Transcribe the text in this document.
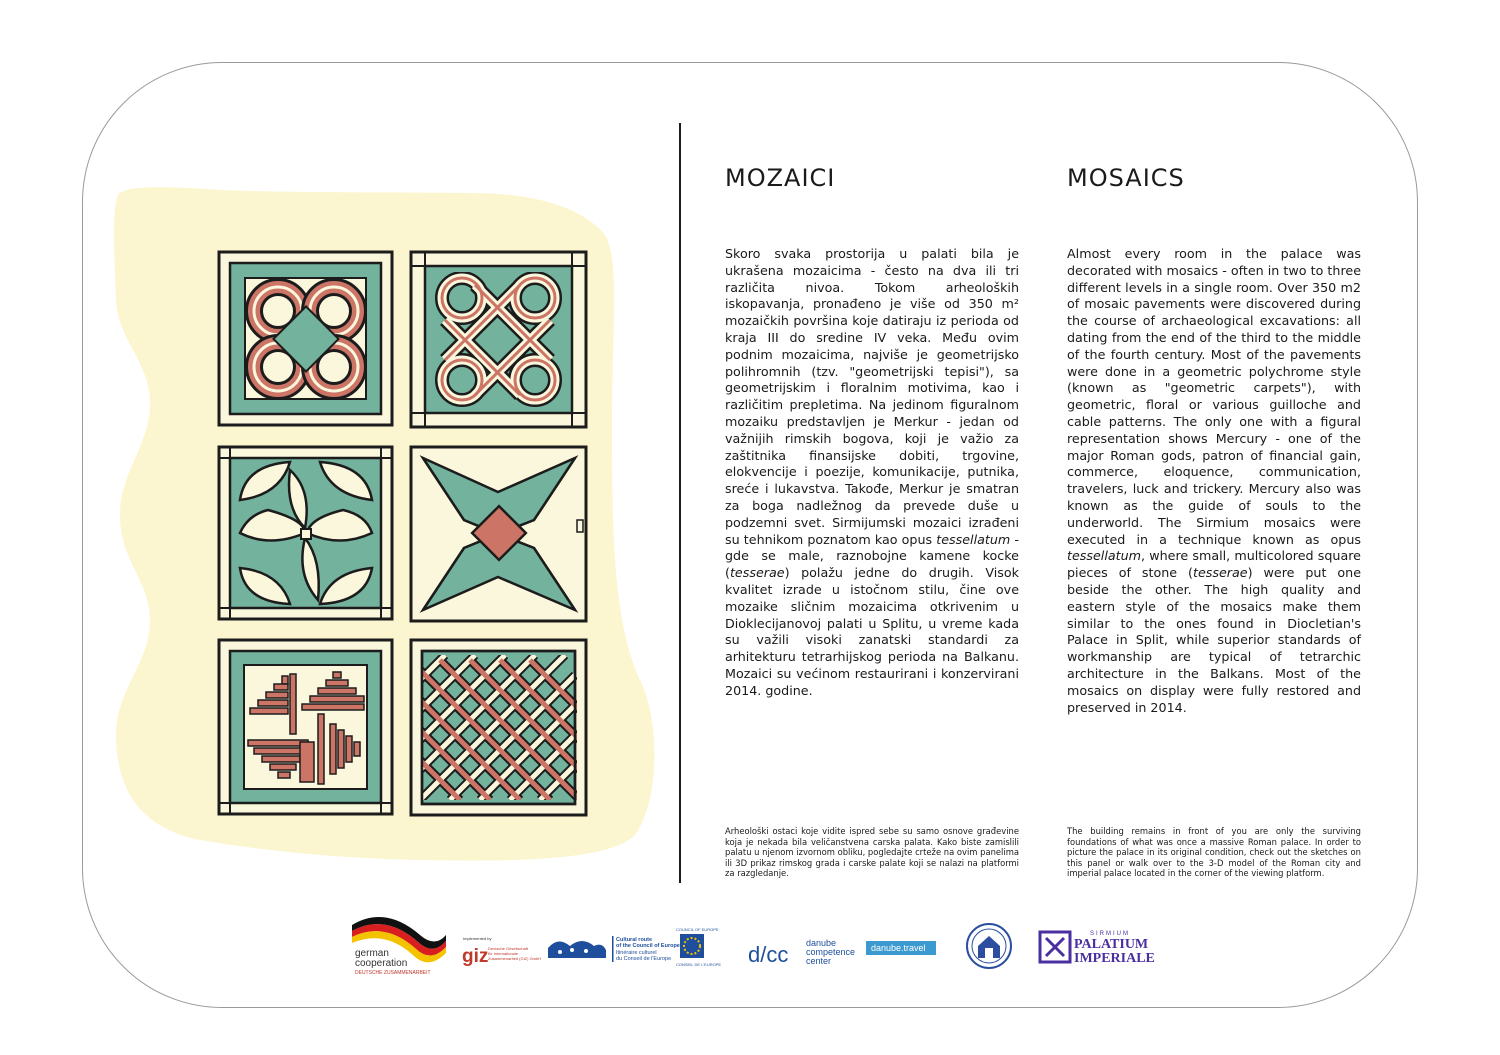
MOZAICI	MOSAICS

Skoro svaka prostorija u palati bila je ukrašena mozaicima - često na dva ili tri različita nivoa. Tokom arheoloških iskopavanja, pronađeno je više od 350 m² mozaičkih površina koje datiraju iz perioda od kraja III do sredine IV veka. Među ovim podnim mozaicima, najviše je geometrijsko polihromnih (tzv. "geometrijski tepisi"), sa geometrijskim i floralnim motivima, kao i različitim prepletima. Na jedinom figuralnom mozaiku predstavljen je Merkur - jedan od važnijih rimskih bogova, koji je važio za zaštitnika finansijske dobiti, trgovine, elokvencije i poezije, komunikacije, putnika, sreće i lukavstva. Takođe, Merkur je smatran za boga nadležnog da prevede duše u podzemni svet. Sirmijumski mozaici izrađeni su tehnikom poznatom kao opus tessellatum - gde se male, raznobojne kamene kocke (tesserae) polažu jedne do drugih. Visok kvalitet izrade u istočnom stilu, čine ove mozaike sličnim mozaicima otkrivenim u Dioklecijanovoj palati u Splitu, u vreme kada su važili visoki zanatski standardi za arhitekturu tetrarhijskog perioda na Balkanu. Mozaici su većinom restaurirani i konzervirani 2014. godine.

Almost every room in the palace was decorated with mosaics - often in two to three different levels in a single room. Over 350 m2 of mosaic pavements were discovered during the course of archaeological excavations: all dating from the end of the third to the middle of the fourth century. Most of the pavements were done in a geometric polychrome style (known as "geometric carpets"), with geometric, floral or various guilloche and cable patterns. The only one with a figural representation shows Mercury - one of the major Roman gods, patron of financial gain, commerce, eloquence, communication, travelers, luck and trickery. Mercury also was known as the guide of souls to the underworld. The Sirmium mosaics were executed in a technique known as opus tessellatum, where small, multicolored square pieces of stone (tesserae) were put one beside the other. The high quality and eastern style of the mosaics make them similar to the ones found in Diocletian's Palace in Split, while superior standards of workmanship are typical of tetrarchic architecture in the Balkans. Most of the mosaics on display were fully restored and preserved in 2014.

Arheološki ostaci koje vidite ispred sebe su samo osnove građevine koja je nekada bila veličanstvena carska palata. Kako biste zamislili palatu u njenom izvornom obliku, pogledajte crteže na ovim panelima ili 3D prikaz rimskog grada i carske palate koji se nalazi na platformi za razgledanje.
The building remains in front of you are only the surviving foundations of what was once a massive Roman palace. In order to picture the palace in its original condition, check out the sketches on this panel or walk over to the 3-D model of the Roman city and imperial palace located in the corner of the viewing platform.
german
cooperation
DEUTSCHE ZUSAMMENARBEIT
Implemented by
giz Deutsche Gesellschaft
für Internationale
Zusammenarbeit (GIZ) GmbH
Cultural route
of the Council of Europe
Itinéraire culturel
du Conseil de l'Europe
COUNCIL OF EUROPE
CONSEIL DE L'EUROPE d/cc danube
competence
center
danube.travel
SIRMIUM
PALATIUM
IMPERIALE
